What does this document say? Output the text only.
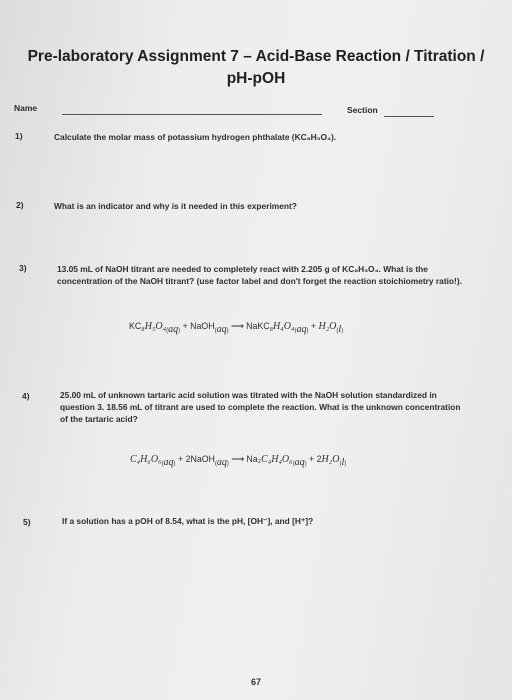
Pre-laboratory Assignment 7 – Acid-Base Reaction / Titration /
pH-pOH
Name	Section
1)	Calculate the molar mass of potassium hydrogen phthalate (KC₈H₅O₄).
2)	What is an indicator and why is it needed in this experiment?
3)	13.05 mL of NaOH titrant are needed to completely react with 2.205 g of KC₈H₅O₄. What is the concentration of the NaOH titrant? (use factor label and don't forget the reaction stoichiometry ratio!).
$KC_8H_5O_4_{(aq)}$ + NaOH$_{(aq)}$ ⟶ $NaKC_8H_4O_4_{(aq)} + H_2O_{(l)}$
4)	25.00 mL of unknown tartaric acid solution was titrated with the NaOH solution standardized in question 3. 18.56 mL of titrant are used to complete the reaction. What is the unknown concentration of the tartaric acid?
$C_4H_6O_6_{(aq)}$ + 2NaOH$_{(aq)}$ ⟶ $Na_2C_4H_4O_6_{(aq)} + 2H_2O_{(l)}$
5)	If a solution has a pOH of 8.54, what is the pH, [OH⁻], and [H⁺]?
67
